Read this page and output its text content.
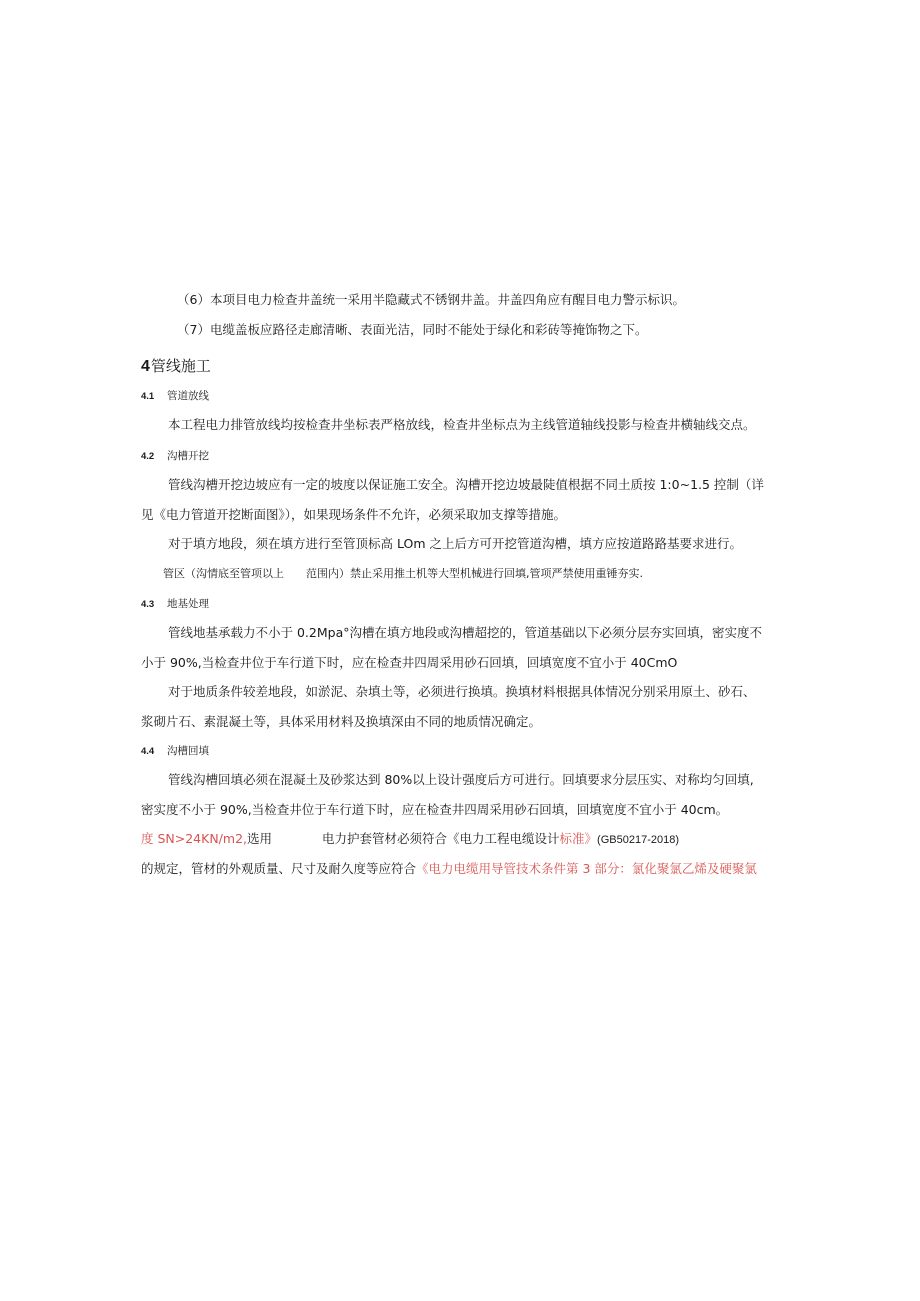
（6）本项目电力检查井盖统一采用半隐藏式不锈钢井盖。井盖四角应有醒目电力警示标识。
（7）电缆盖板应路径走廊清晰、表面光洁，同时不能处于绿化和彩砖等掩饰物之下。
4管线施工
4.1 管道放线
本工程电力排管放线均按检查井坐标表严格放线，检查井坐标点为主线管道轴线投影与检查井横轴线交点。
4.2 沟槽开挖
管线沟槽开挖边坡应有一定的坡度以保证施工安全。沟槽开挖边坡最陡值根据不同土质按 1:0~1.5 控制（详
见《电力管道开挖断面图》），如果现场条件不允许，必须采取加支撑等措施。
对于填方地段，须在填方进行至管顶标高 LOm 之上后方可开挖管道沟槽，填方应按道路路基要求进行。
管区（沟情底至管项以上 范围内）禁止采用推土机等大型机械进行回填,管项严禁使用重锤夯实.
4.3 地基处理
管线地基承载力不小于 0.2Mpa°沟槽在填方地段或沟槽超挖的，管道基础以下必须分层夯实回填，密实度不
小于 90%,当检查井位于车行道下时，应在检查井四周采用砂石回填，回填宽度不宜小于 40CmO
对于地质条件较差地段，如淤泥、杂填土等，必须进行换填。换填材料根据具体情况分别采用原土、砂石、
浆砌片石、素混凝土等，具体采用材料及换填深由不同的地质情况确定。
4.4 沟槽回填
管线沟槽回填必须在混凝土及砂浆达到 80%以上设计强度后方可进行。回填要求分层压实、对称均匀回填,
密实度不小于 90%,当检查井位于车行道下时，应在检查井四周采用砂石回填，回填宽度不宜小于 40cm。
度 SN>24KN/m2,选用	电力护套管材必须符合《电力工程电缆设计标准》(GB50217-2018)
的规定，管材的外观质量、尺寸及耐久度等应符合《电力电缆用导管技术条件第 3 部分：氯化聚氯乙烯及硬聚氯
